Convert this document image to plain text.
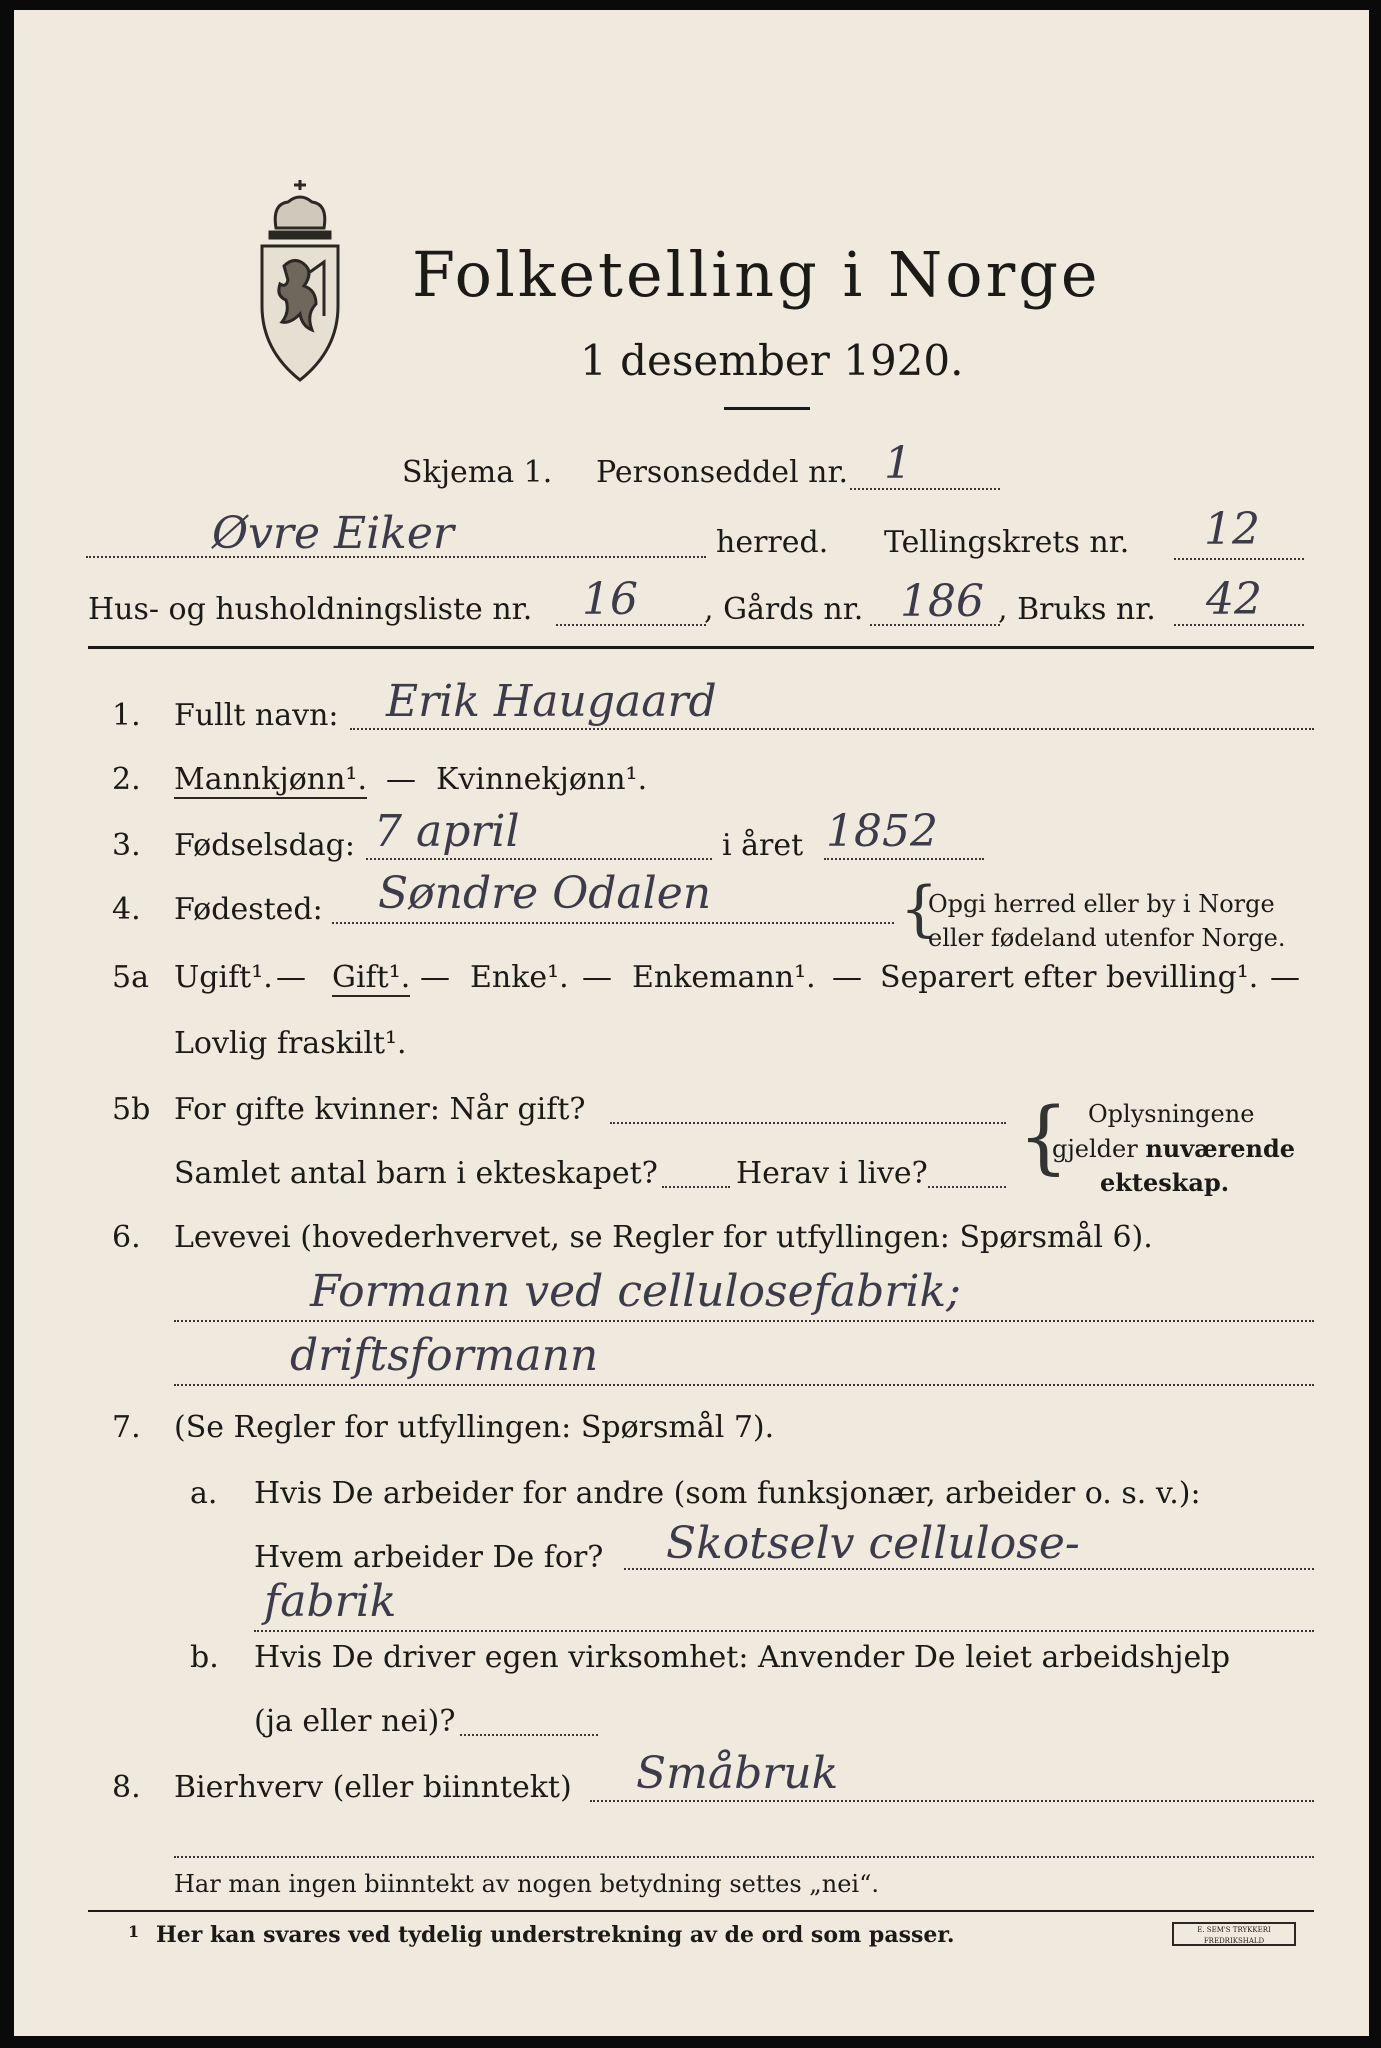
Folketelling i Norge
1 desember 1920.
Skjema 1. Personseddel nr. 1
Øvre Eiker	herred. Tellingskrets nr. 12
Hus- og husholdningsliste nr. 16 , Gårds nr. 186 , Bruks nr. 42
1. Fullt navn: Erik Haugaard
2. Mannkjønn¹. — Kvinnekjønn¹.
3. Fødselsdag: 7 april	i året 1852
4. Fødested: Søndre Odalen	{
Opgi herred eller by i Norge
eller fødeland utenfor Norge.
5a Ugift¹. — Gift¹. — Enke¹. — Enkemann¹. — Separert efter bevilling¹. —
Lovlig fraskilt¹.
5b For gifte kvinner: Når gift?
Samlet antal barn i ekteskapet?	Herav i live? { Oplysningene
gjelder nuværende
ekteskap.
6. Levevei (hovederhvervet, se Regler for utfyllingen: Spørsmål 6).
Formann ved cellulosefabrik;
driftsformann
7. (Se Regler for utfyllingen: Spørsmål 7).
a. Hvis De arbeider for andre (som funksjonær, arbeider o. s. v.):
Hvem arbeider De for? Skotselv cellulose-
fabrik
b. Hvis De driver egen virksomhet: Anvender De leiet arbeidshjelp
(ja eller nei)?
8. Bierhverv (eller biinntekt) Småbruk
Har man ingen biinntekt av nogen betydning settes „nei“.
1 Her kan svares ved tydelig understrekning av de ord som passer.	E. SEM'S TRYKKERI FREDRIKSHALD
